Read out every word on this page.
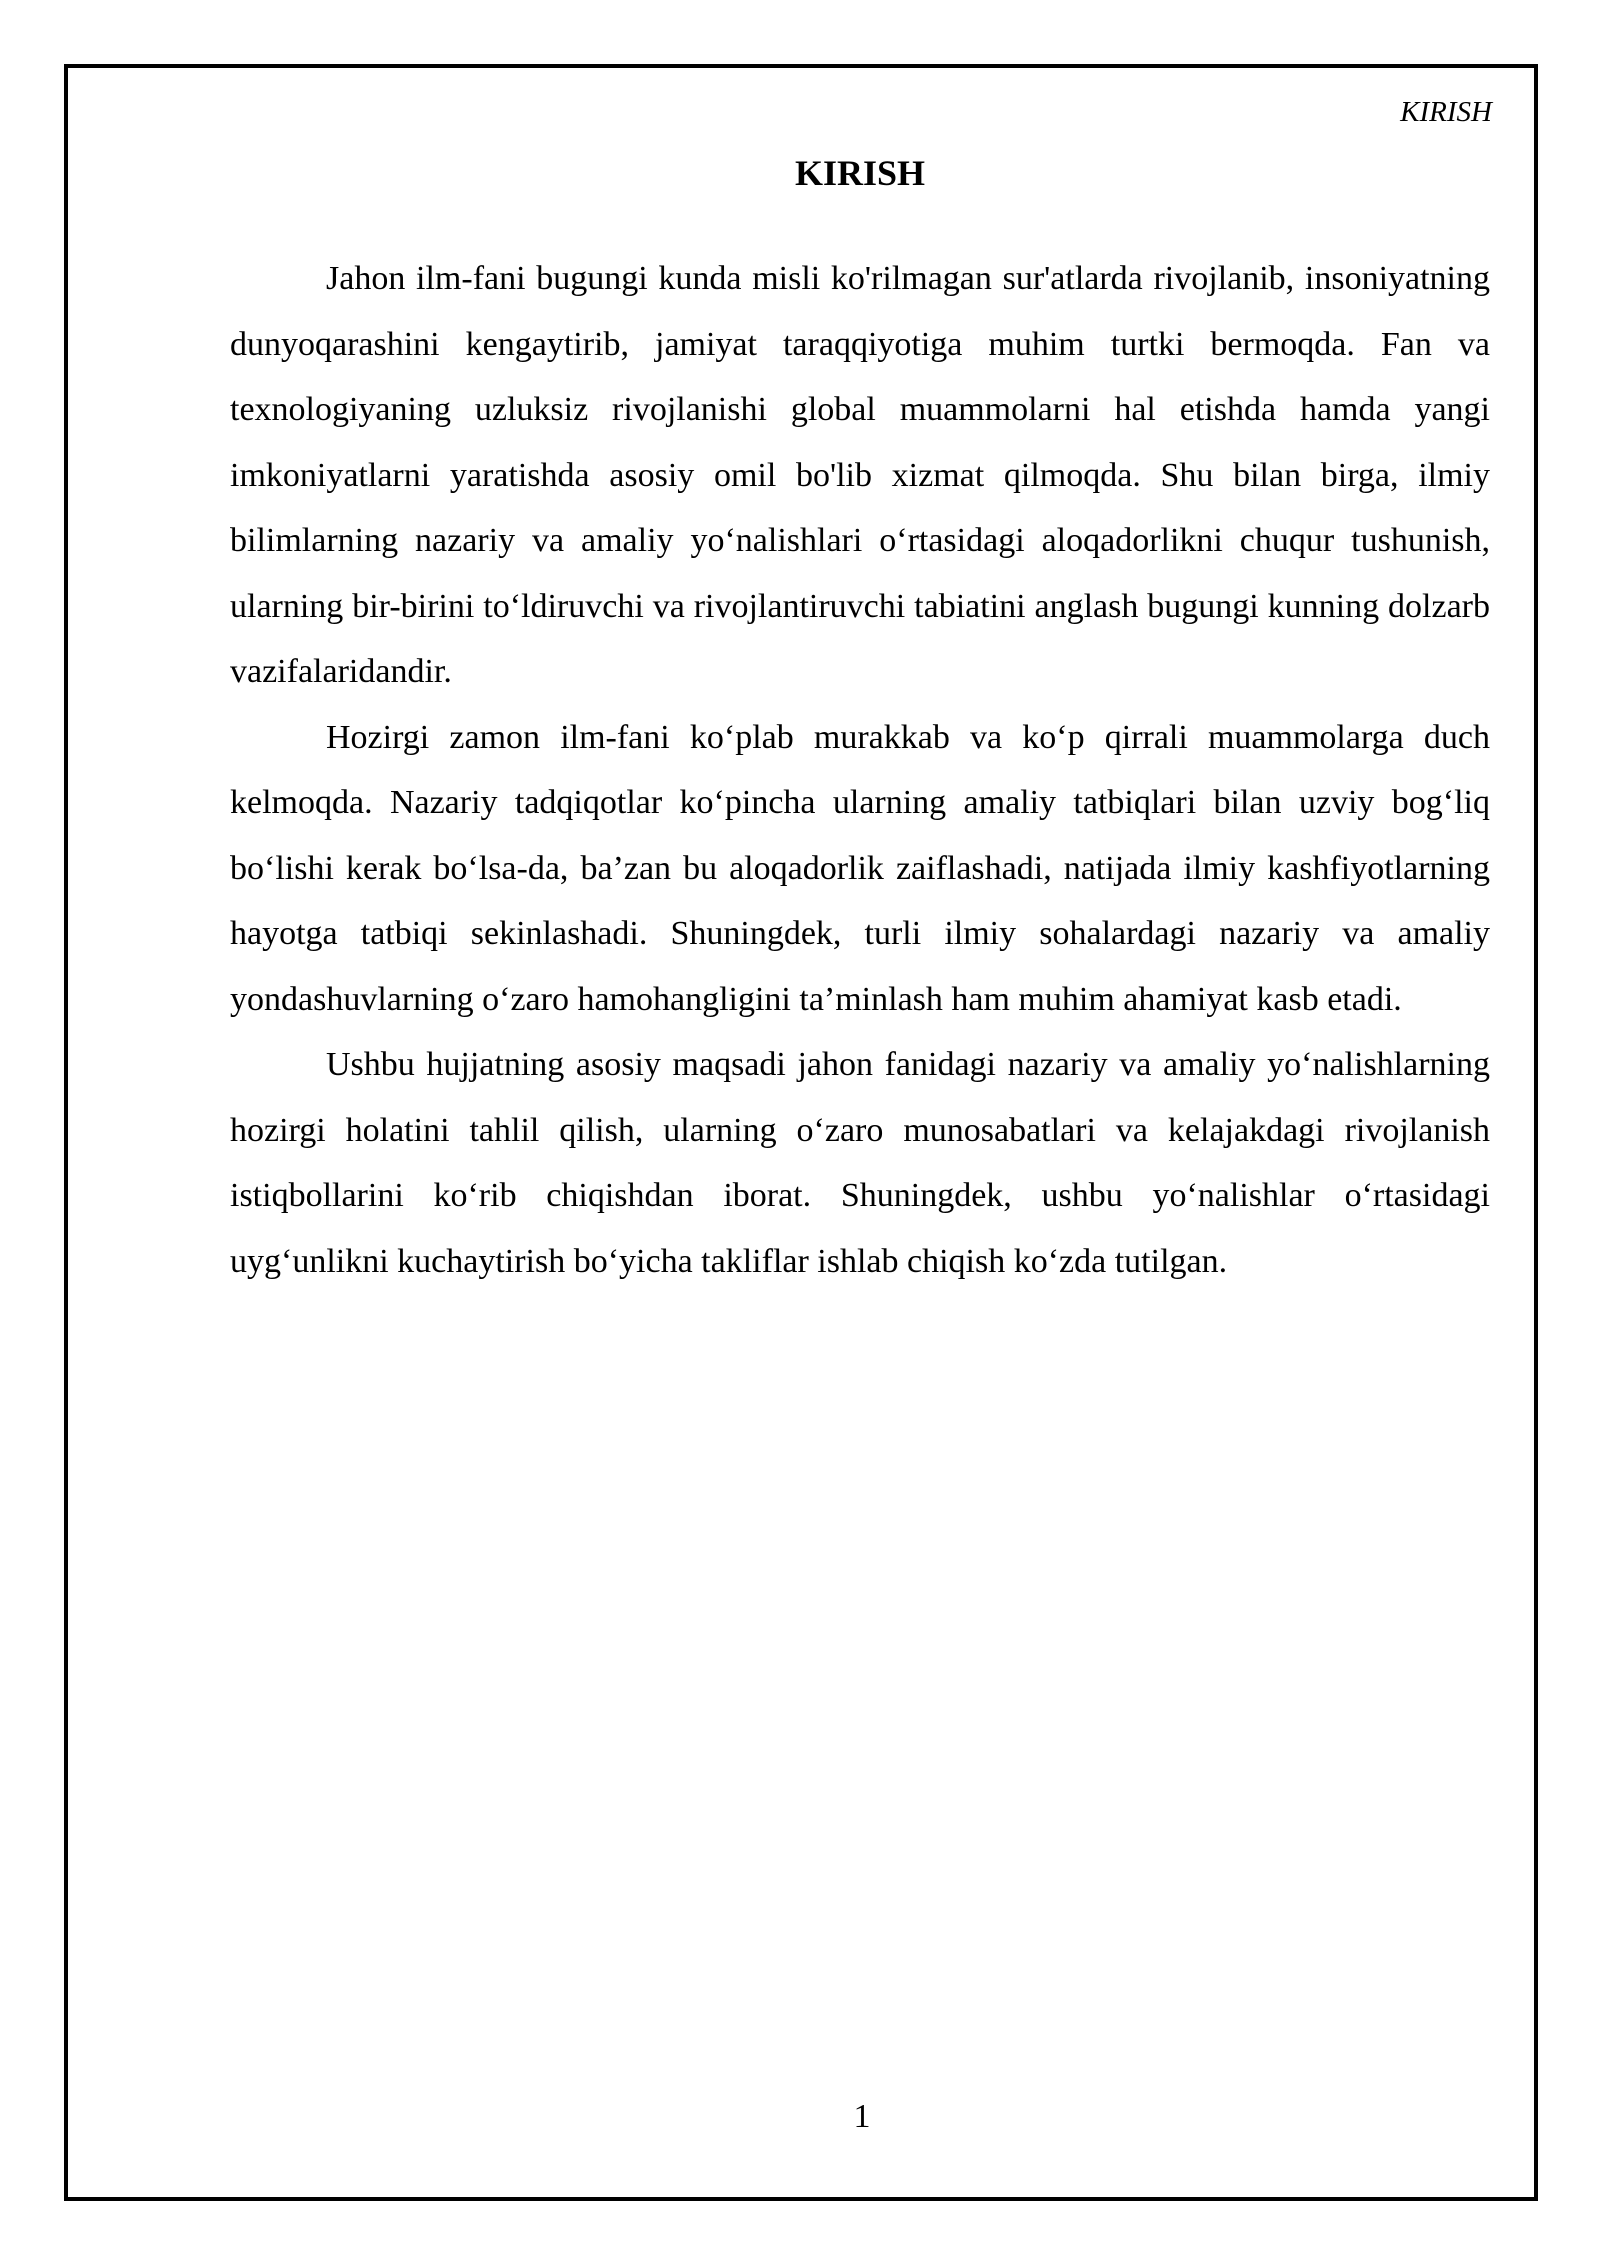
KIRISH
KIRISH

Jahon ilm-fani bugungi kunda misli ko'rilmagan sur'atlarda rivojlanib, insoniyatning dunyoqarashini kengaytirib, jamiyat taraqqiyotiga muhim turtki bermoqda. Fan va texnologiyaning uzluksiz rivojlanishi global muammolarni hal etishda hamda yangi imkoniyatlarni yaratishda asosiy omil bo'lib xizmat qilmoqda. Shu bilan birga, ilmiy bilimlarning nazariy va amaliy yo‘nalishlari o‘rtasidagi aloqadorlikni chuqur tushunish, ularning bir-birini to‘ldiruvchi va rivojlantiruvchi tabiatini anglash bugungi kunning dolzarb vazifalaridandir.

Hozirgi zamon ilm-fani ko‘plab murakkab va ko‘p qirrali muammolarga duch kelmoqda. Nazariy tadqiqotlar ko‘pincha ularning amaliy tatbiqlari bilan uzviy bog‘liq bo‘lishi kerak bo‘lsa-da, ba’zan bu aloqadorlik zaiflashadi, natijada ilmiy kashfiyotlarning hayotga tatbiqi sekinlashadi. Shuningdek, turli ilmiy sohalardagi nazariy va amaliy yondashuvlarning o‘zaro hamohangligini ta’minlash ham muhim ahamiyat kasb etadi.

Ushbu hujjatning asosiy maqsadi jahon fanidagi nazariy va amaliy yo‘nalishlarning hozirgi holatini tahlil qilish, ularning o‘zaro munosabatlari va kelajakdagi rivojlanish istiqbollarini ko‘rib chiqishdan iborat. Shuningdek, ushbu yo‘nalishlar o‘rtasidagi uyg‘unlikni kuchaytirish bo‘yicha takliflar ishlab chiqish ko‘zda tutilgan.

1
